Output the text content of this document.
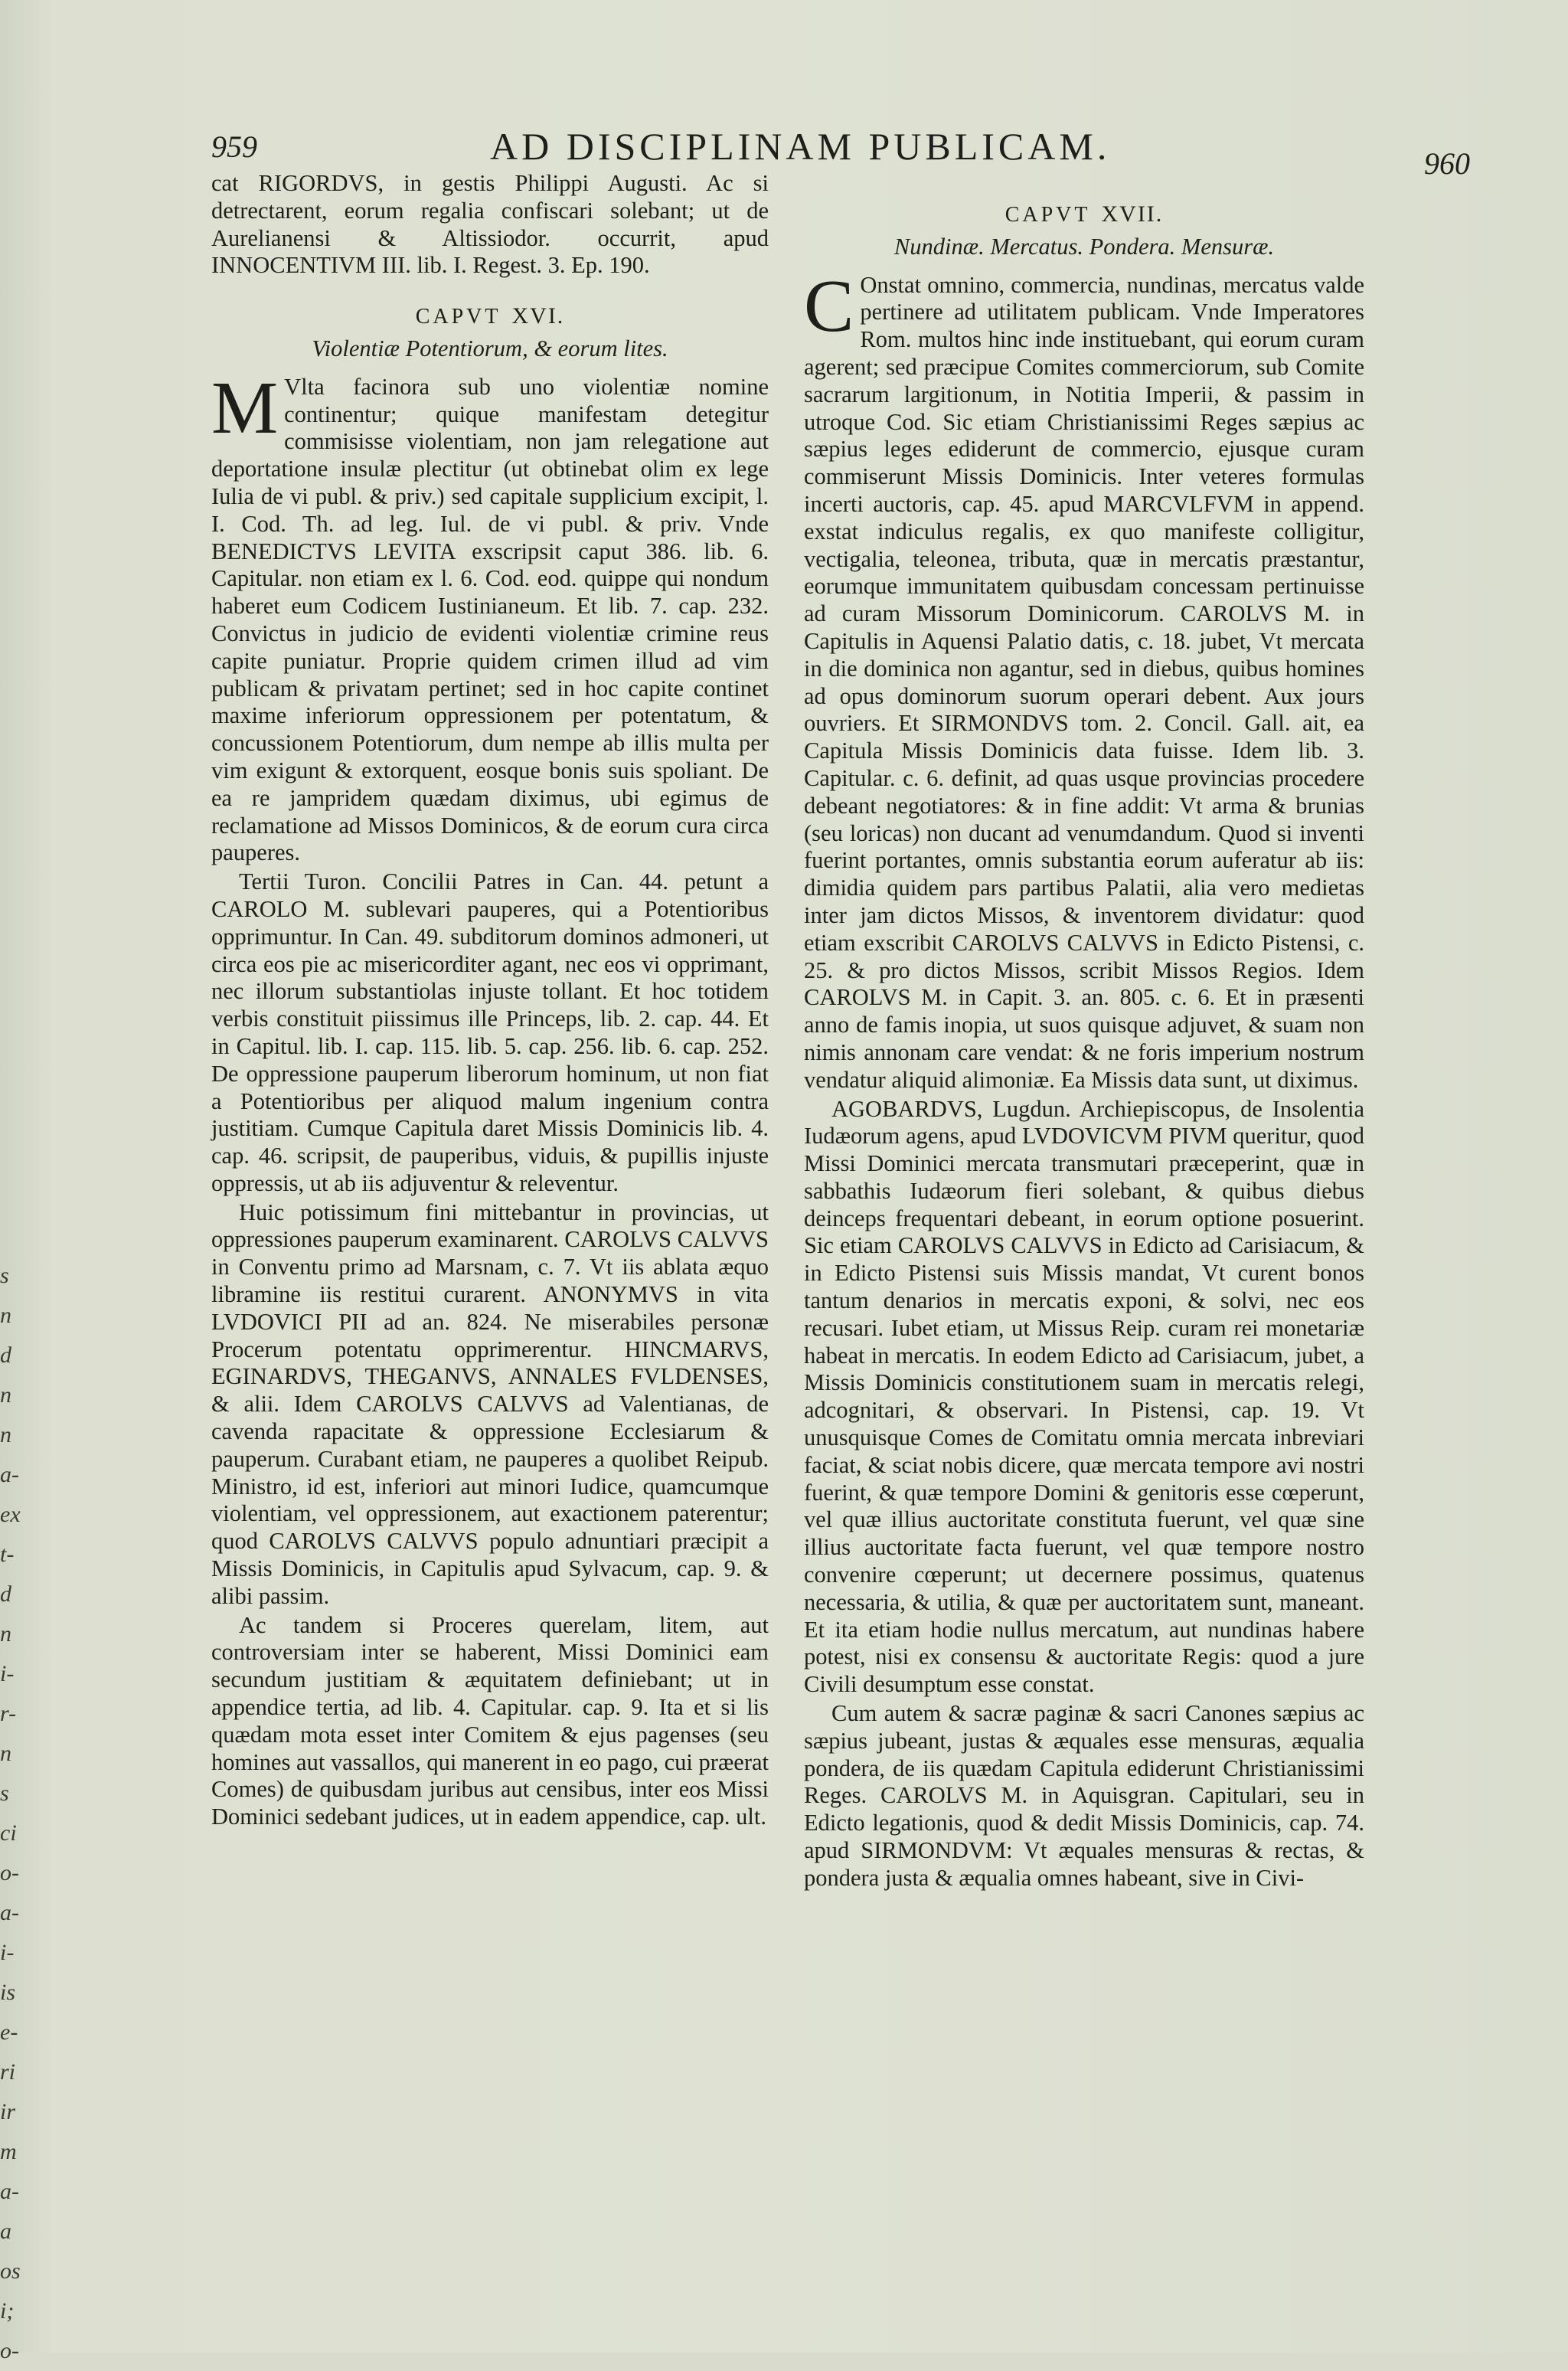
s
n
d
n
n
a-
ex
t-
d
n
i-
r-
n
s
ci
o-
a-
i-
is
e-
ri
ir
m
a-
a
os
i;
o-
959	AD DISCIPLINAM PUBLICAM.	960

cat RIGORDVS, in gestis Philippi Augusti. Ac si detrectarent, eorum regalia confiscari solebant; ut de Aurelianensi & Altissiodor. occurrit, apud INNOCENTIVM III. lib. I. Regest. 3. Ep. 190.

CAPVT XVI.
Violentiæ Potentiorum, & eorum lites.

M Vlta facinora sub uno violentiæ nomine continentur; quique manifestam detegitur commisisse violentiam, non jam relegatione aut deportatione insulæ plectitur (ut obtinebat olim ex lege Iulia de vi publ. & priv.) sed capitale supplicium excipit, l. I. Cod. Th. ad leg. Iul. de vi publ. & priv. Vnde BENEDICTVS LEVITA exscripsit caput 386. lib. 6. Capitular. non etiam ex l. 6. Cod. eod. quippe qui nondum haberet eum Codicem Iustinianeum. Et lib. 7. cap. 232. Convictus in judicio de evidenti violentiæ crimine reus capite puniatur. Proprie quidem crimen illud ad vim publicam & privatam pertinet; sed in hoc capite continet maxime inferiorum oppressionem per potentatum, & concussionem Potentiorum, dum nempe ab illis multa per vim exigunt & extorquent, eosque bonis suis spoliant. De ea re jampridem quædam diximus, ubi egimus de reclamatione ad Missos Dominicos, & de eorum cura circa pauperes.

Tertii Turon. Concilii Patres in Can. 44. petunt a CAROLO M. sublevari pauperes, qui a Potentioribus opprimuntur. In Can. 49. subditorum dominos admoneri, ut circa eos pie ac misericorditer agant, nec eos vi opprimant, nec illorum substantiolas injuste tollant. Et hoc totidem verbis constituit piissimus ille Princeps, lib. 2. cap. 44. Et in Capitul. lib. I. cap. 115. lib. 5. cap. 256. lib. 6. cap. 252. De oppressione pauperum liberorum hominum, ut non fiat a Potentioribus per aliquod malum ingenium contra justitiam. Cumque Capitula daret Missis Dominicis lib. 4. cap. 46. scripsit, de pauperibus, viduis, & pupillis injuste oppressis, ut ab iis adjuventur & releventur.

Huic potissimum fini mittebantur in provincias, ut oppressiones pauperum examinarent. CAROLVS CALVVS in Conventu primo ad Marsnam, c. 7. Vt iis ablata æquo libramine iis restitui curarent. ANONYMVS in vita LVDOVICI PII ad an. 824. Ne miserabiles personæ Procerum potentatu opprimerentur. HINCMARVS, EGINARDVS, THEGANVS, ANNALES FVLDENSES, & alii. Idem CAROLVS CALVVS ad Valentianas, de cavenda rapacitate & oppressione Ecclesiarum & pauperum. Curabant etiam, ne pauperes a quolibet Reipub. Ministro, id est, inferiori aut minori Iudice, quamcumque violentiam, vel oppressionem, aut exactionem paterentur; quod CAROLVS CALVVS populo adnuntiari præcipit a Missis Dominicis, in Capitulis apud Sylvacum, cap. 9. & alibi passim.

Ac tandem si Proceres querelam, litem, aut controversiam inter se haberent, Missi Dominici eam secundum justitiam & æquitatem definiebant; ut in appendice tertia, ad lib. 4. Capitular. cap. 9. Ita et si lis quædam mota esset inter Comitem & ejus pagenses (seu homines aut vassallos, qui manerent in eo pago, cui præerat Comes) de quibusdam juribus aut censibus, inter eos Missi Dominici sedebant judices, ut in eadem appendice, cap. ult.

CAPVT XVII.
Nundinæ. Mercatus. Pondera. Mensuræ.

C Onstat omnino, commercia, nundinas, mercatus valde pertinere ad utilitatem publicam. Vnde Imperatores Rom. multos hinc inde instituebant, qui eorum curam agerent; sed præcipue Comites commerciorum, sub Comite sacrarum largitionum, in Notitia Imperii, & passim in utroque Cod. Sic etiam Christianissimi Reges sæpius ac sæpius leges ediderunt de commercio, ejusque curam commiserunt Missis Dominicis. Inter veteres formulas incerti auctoris, cap. 45. apud MARCVLFVM in append. exstat indiculus regalis, ex quo manifeste colligitur, vectigalia, teleonea, tributa, quæ in mercatis præstantur, eorumque immunitatem quibusdam concessam pertinuisse ad curam Missorum Dominicorum. CAROLVS M. in Capitulis in Aquensi Palatio datis, c. 18. jubet, Vt mercata in die dominica non agantur, sed in diebus, quibus homines ad opus dominorum suorum operari debent. Aux jours ouvriers. Et SIRMONDVS tom. 2. Concil. Gall. ait, ea Capitula Missis Dominicis data fuisse. Idem lib. 3. Capitular. c. 6. definit, ad quas usque provincias procedere debeant negotiatores: & in fine addit: Vt arma & brunias (seu loricas) non ducant ad venumdandum. Quod si inventi fuerint portantes, omnis substantia eorum auferatur ab iis: dimidia quidem pars partibus Palatii, alia vero medietas inter jam dictos Missos, & inventorem dividatur: quod etiam exscribit CAROLVS CALVVS in Edicto Pistensi, c. 25. & pro dictos Missos, scribit Missos Regios. Idem CAROLVS M. in Capit. 3. an. 805. c. 6. Et in præsenti anno de famis inopia, ut suos quisque adjuvet, & suam non nimis annonam care vendat: & ne foris imperium nostrum vendatur aliquid alimoniæ. Ea Missis data sunt, ut diximus.

AGOBARDVS, Lugdun. Archiepiscopus, de Insolentia Iudæorum agens, apud LVDOVICVM PIVM queritur, quod Missi Dominici mercata transmutari præceperint, quæ in sabbathis Iudæorum fieri solebant, & quibus diebus deinceps frequentari debeant, in eorum optione posuerint. Sic etiam CAROLVS CALVVS in Edicto ad Carisiacum, & in Edicto Pistensi suis Missis mandat, Vt curent bonos tantum denarios in mercatis exponi, & solvi, nec eos recusari. Iubet etiam, ut Missus Reip. curam rei monetariæ habeat in mercatis. In eodem Edicto ad Carisiacum, jubet, a Missis Dominicis constitutionem suam in mercatis relegi, adcognitari, & observari. In Pistensi, cap. 19. Vt unusquisque Comes de Comitatu omnia mercata inbreviari faciat, & sciat nobis dicere, quæ mercata tempore avi nostri fuerint, & quæ tempore Domini & genitoris esse cœperunt, vel quæ illius auctoritate constituta fuerunt, vel quæ sine illius auctoritate facta fuerunt, vel quæ tempore nostro convenire cœperunt; ut decernere possimus, quatenus necessaria, & utilia, & quæ per auctoritatem sunt, maneant. Et ita etiam hodie nullus mercatum, aut nundinas habere potest, nisi ex consensu & auctoritate Regis: quod a jure Civili desumptum esse constat.

Cum autem & sacræ paginæ & sacri Canones sæpius ac sæpius jubeant, justas & æquales esse mensuras, æqualia pondera, de iis quædam Capitula ediderunt Christianissimi Reges. CAROLVS M. in Aquisgran. Capitulari, seu in Edicto legationis, quod & dedit Missis Dominicis, cap. 74. apud SIRMONDVM: Vt æquales mensuras & rectas, & pondera justa & æqualia omnes habeant, sive in Civi-
